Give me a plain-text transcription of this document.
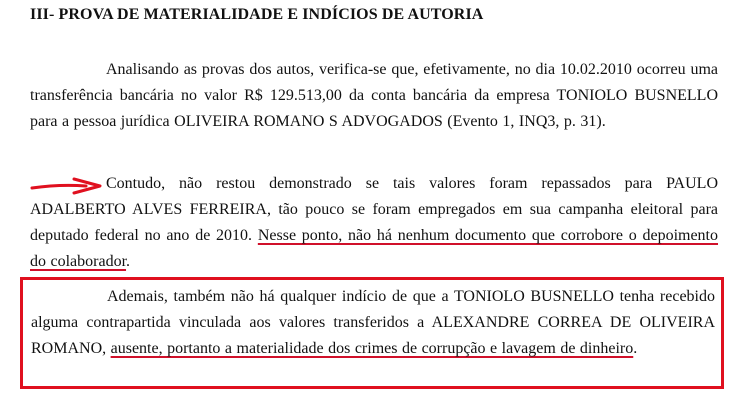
III- PROVA DE MATERIALIDADE E INDÍCIOS DE AUTORIA

Analisando as provas dos autos, verifica-se que, efetivamente, no dia 10.02.2010 ocorreu uma transferência bancária no valor R$ 129.513,00 da conta bancária da empresa TONIOLO BUSNELLO para a pessoa jurídica OLIVEIRA ROMANO S ADVOGADOS (Evento 1, INQ3, p. 31).

Contudo, não restou demonstrado se tais valores foram repassados para PAULO ADALBERTO ALVES FERREIRA, tão pouco se foram empregados em sua campanha eleitoral para deputado federal no ano de 2010. Nesse ponto, não há nenhum documento que corrobore o depoimento do colaborador.

Ademais, também não há qualquer indício de que a TONIOLO BUSNELLO tenha recebido alguma contrapartida vinculada aos valores transferidos a ALEXANDRE CORREA DE OLIVEIRA ROMANO, ausente, portanto a materialidade dos crimes de corrupção e lavagem de dinheiro.
